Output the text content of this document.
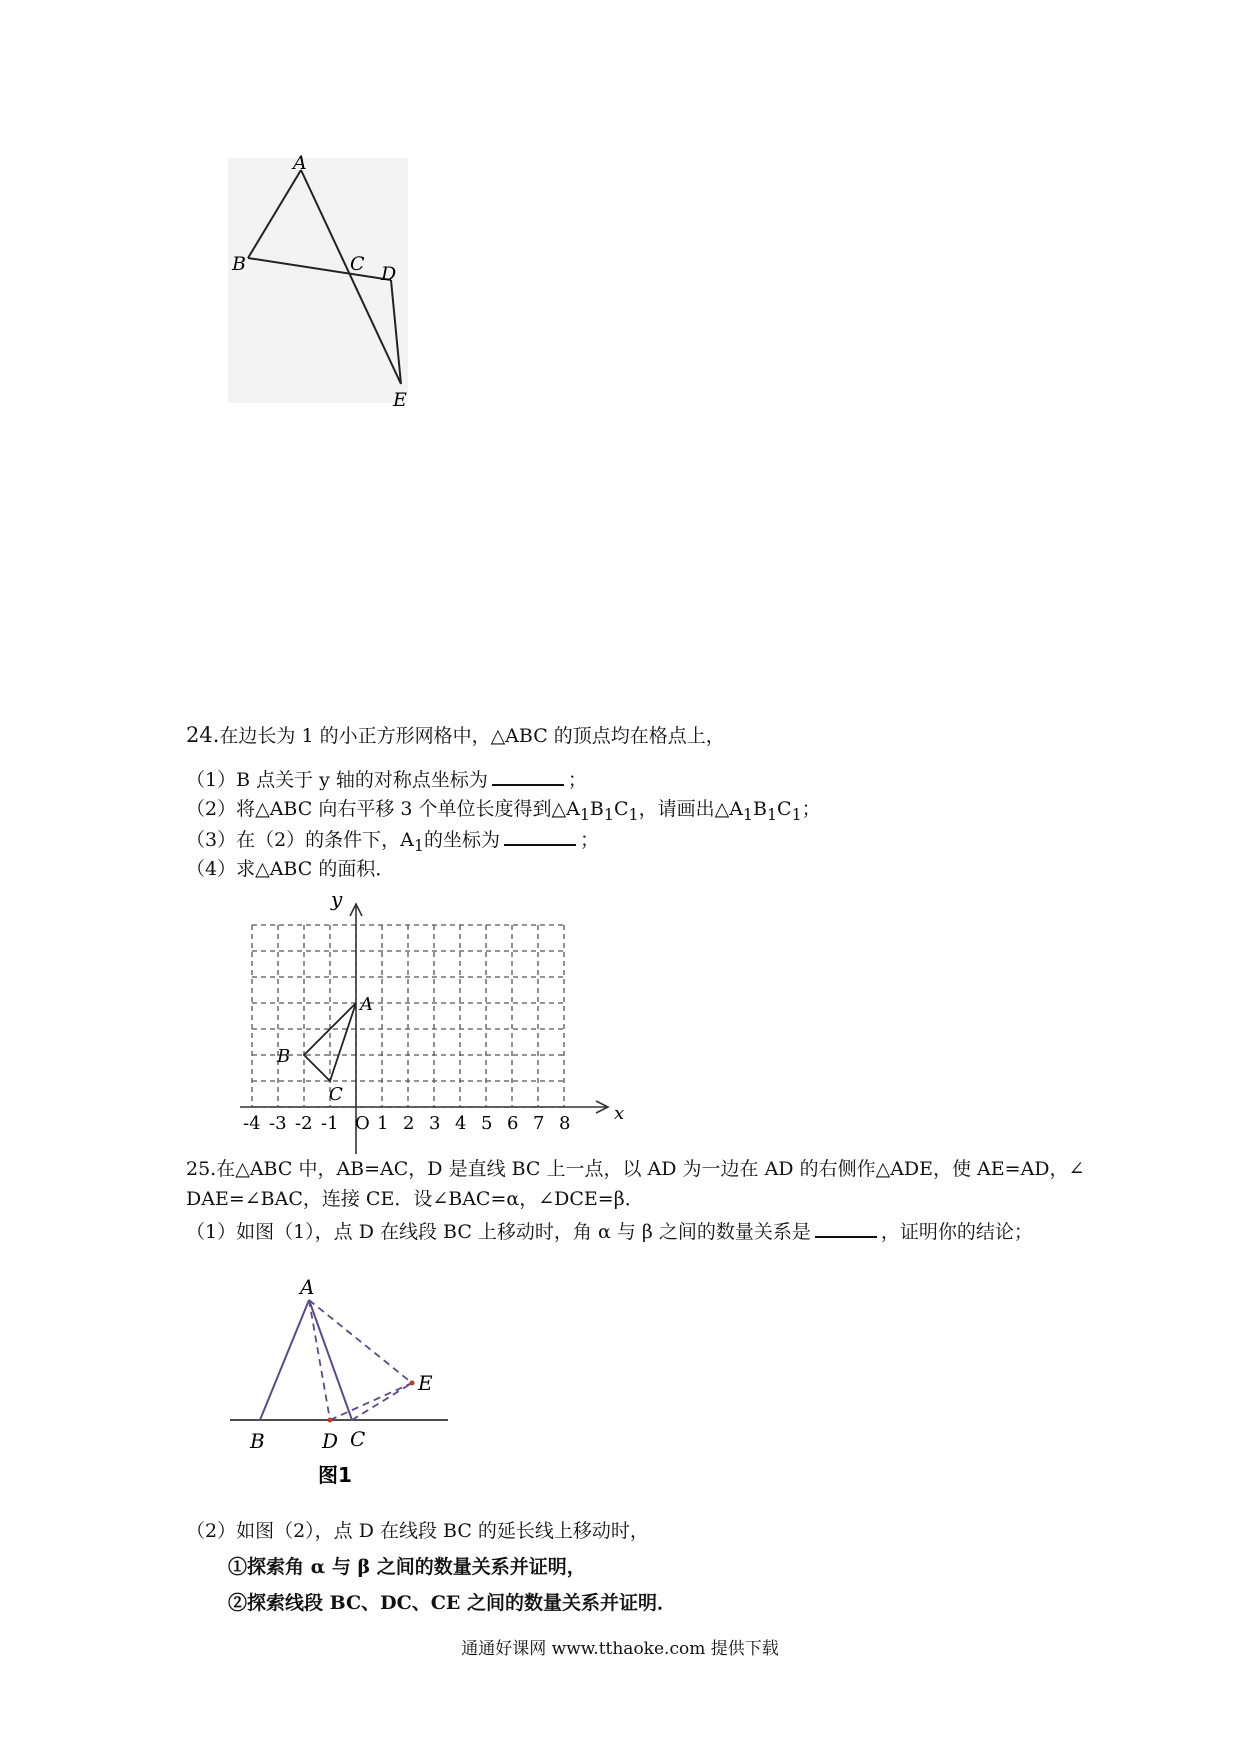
A
B	C D
E
24.在边长为 1 的小正方形网格中，△ABC 的顶点均在格点上，
（1）B 点关于 y 轴的对称点坐标为	；
（2）将△ABC 向右平移 3 个单位长度得到$\triangle A_1B_1C_1$，请画出$\triangle A_1B_1C_1$；
（3）在（2）的条件下，$A_1$的坐标为	；
（4）求△ABC 的面积．
y
x
A
B
C
-4 -3 -2 -1 1 2 3 4 5 6 7 8
O
25.在△ABC 中，AB=AC，D 是直线 BC 上一点，以 AD 为一边在 AD 的右侧作△ADE，使 AE=AD，∠
DAE=∠BAC，连接 CE．设∠BAC=α，∠DCE=β．
（1）如图（1），点 D 在线段 BC 上移动时，角 α 与 β 之间的数量关系是	，证明你的结论；
A
B	D C
E
图1
（2）如图（2），点 D 在线段 BC 的延长线上移动时，
①探索角 α 与 β 之间的数量关系并证明，
②探索线段 BC、DC、CE 之间的数量关系并证明．
通通好课网 www.tthaoke.com 提供下载
